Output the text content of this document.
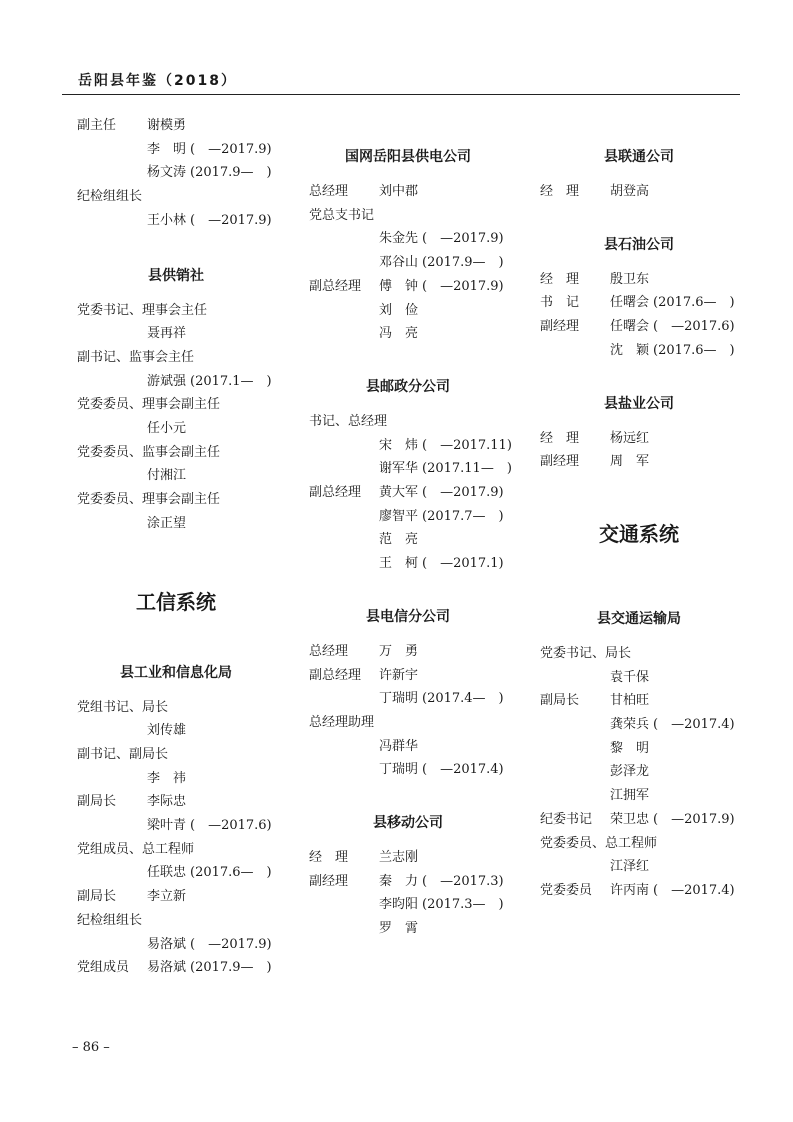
岳阳县年鉴（2018）
副主任 谢模勇
李　明 (　—2017.9)
杨文涛 (2017.9—　)
纪检组组长
王小林 (　—2017.9)
县供销社
党委书记、理事会主任
聂再祥
副书记、监事会主任
游斌强 (2017.1—　)
党委委员、理事会副主任
任小元
党委委员、监事会副主任
付湘江
党委委员、理事会副主任
涂正望
工信系统
县工业和信息化局
党组书记、局长
刘传雄
副书记、副局长
李　祎
副局长 李际忠
梁叶青 (　—2017.6)
党组成员、总工程师
任联忠 (2017.6—　)
副局长 李立新
纪检组组长
易洛斌 (　—2017.9)
党组成员 易洛斌 (2017.9—　)
国网岳阳县供电公司
总经理 刘中郡
党总支书记
朱金先 (　—2017.9)
邓谷山 (2017.9—　)
副总经理 傅　钟 (　—2017.9)
刘　俭
冯　亮
县邮政分公司
书记、总经理
宋　炜 (　—2017.11)
谢军华 (2017.11—　)
副总经理 黄大军 (　—2017.9)
廖智平 (2017.7—　)
范　亮
王　柯 (　—2017.1)
县电信分公司
总经理 万　勇
副总经理 许新宇
丁瑞明 (2017.4—　)
总经理助理
冯群华
丁瑞明 (　—2017.4)
县移动公司
经　理 兰志刚
副经理 秦　力 (　—2017.3)
李昀阳 (2017.3—　)
罗　霄
县联通公司
经　理 胡登高
县石油公司
经　理 殷卫东
书　记 任曙会 (2017.6—　)
副经理 任曙会 (　—2017.6)
沈　颖 (2017.6—　)
县盐业公司
经　理 杨远红
副经理 周　军
交通系统
县交通运输局
党委书记、局长
袁千保
副局长 甘柏旺
龚荣兵 (　—2017.4)
黎　明
彭泽龙
江拥军
纪委书记 荣卫忠 (　—2017.9)
党委委员、总工程师
江泽红
党委委员 许丙南 (　—2017.4)
– 86 –
